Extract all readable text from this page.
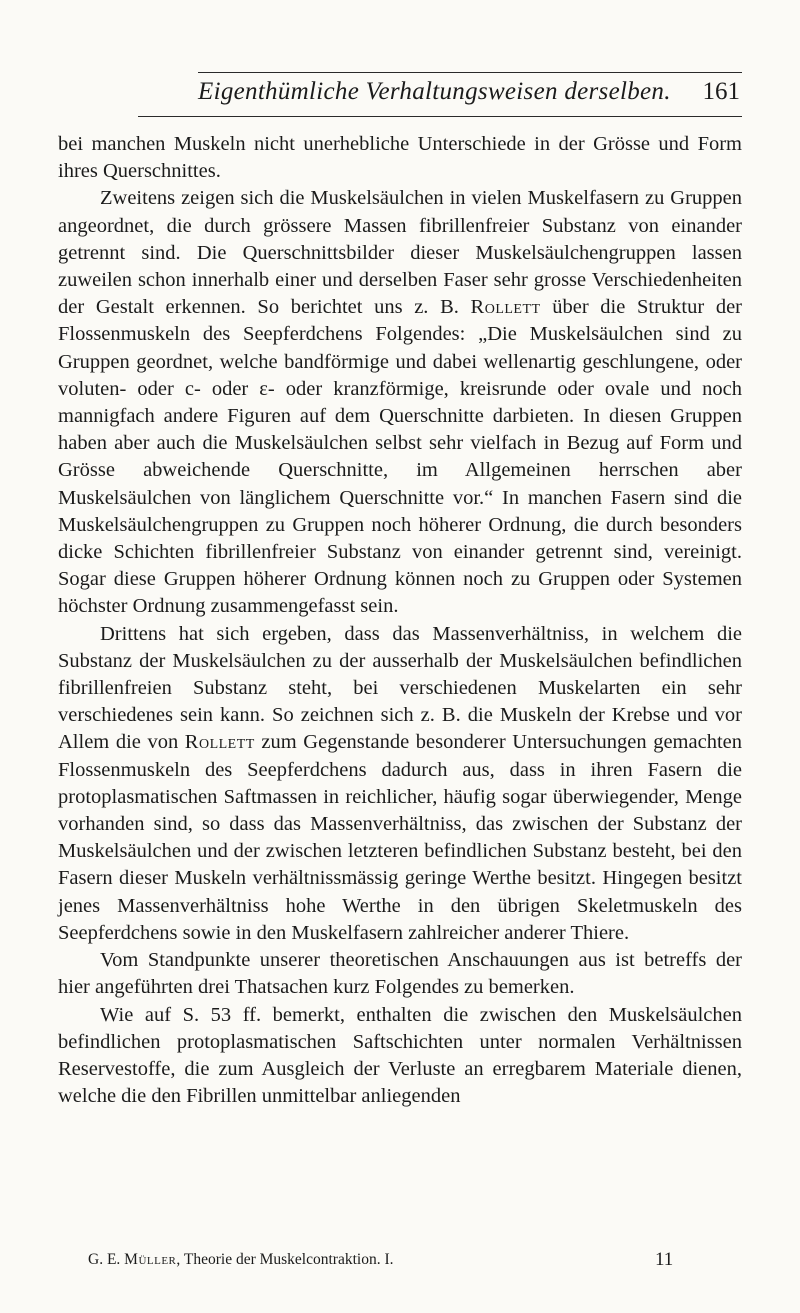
Eigenthümliche Verhaltungsweisen derselben. 161

bei manchen Muskeln nicht unerhebliche Unterschiede in der Grösse und Form ihres Querschnittes.

Zweitens zeigen sich die Muskelsäulchen in vielen Muskelfasern zu Gruppen angeordnet, die durch grössere Massen fibrillenfreier Substanz von einander getrennt sind. Die Querschnittsbilder dieser Muskelsäulchengruppen lassen zuweilen schon innerhalb einer und derselben Faser sehr grosse Verschiedenheiten der Gestalt erkennen. So berichtet uns z. B. Rollett über die Struktur der Flossenmuskeln des Seepferdchens Folgendes: „Die Muskelsäulchen sind zu Gruppen geordnet, welche bandförmige und dabei wellenartig geschlungene, oder voluten- oder c- oder ε- oder kranzförmige, kreisrunde oder ovale und noch mannigfach andere Figuren auf dem Querschnitte darbieten. In diesen Gruppen haben aber auch die Muskelsäulchen selbst sehr vielfach in Bezug auf Form und Grösse abweichende Querschnitte, im Allgemeinen herrschen aber Muskelsäulchen von länglichem Querschnitte vor.“ In manchen Fasern sind die Muskelsäulchengruppen zu Gruppen noch höherer Ordnung, die durch besonders dicke Schichten fibrillenfreier Substanz von einander getrennt sind, vereinigt. Sogar diese Gruppen höherer Ordnung können noch zu Gruppen oder Systemen höchster Ordnung zusammengefasst sein.

Drittens hat sich ergeben, dass das Massenverhältniss, in welchem die Substanz der Muskelsäulchen zu der ausserhalb der Muskelsäulchen befindlichen fibrillenfreien Substanz steht, bei verschiedenen Muskelarten ein sehr verschiedenes sein kann. So zeichnen sich z. B. die Muskeln der Krebse und vor Allem die von Rollett zum Gegenstande besonderer Untersuchungen gemachten Flossenmuskeln des Seepferdchens dadurch aus, dass in ihren Fasern die protoplasmatischen Saftmassen in reichlicher, häufig sogar überwiegender, Menge vorhanden sind, so dass das Massenverhältniss, das zwischen der Substanz der Muskelsäulchen und der zwischen letzteren befindlichen Substanz besteht, bei den Fasern dieser Muskeln verhältnissmässig geringe Werthe besitzt. Hingegen besitzt jenes Massenverhältniss hohe Werthe in den übrigen Skeletmuskeln des Seepferdchens sowie in den Muskelfasern zahlreicher anderer Thiere.

Vom Standpunkte unserer theoretischen Anschauungen aus ist betreffs der hier angeführten drei Thatsachen kurz Folgendes zu bemerken.

Wie auf S. 53 ff. bemerkt, enthalten die zwischen den Muskelsäulchen befindlichen protoplasmatischen Saftschichten unter normalen Verhältnissen Reservestoffe, die zum Ausgleich der Verluste an erregbarem Materiale dienen, welche die den Fibrillen unmittelbar anliegenden

G. E. Müller, Theorie der Muskelcontraktion. I.	11
